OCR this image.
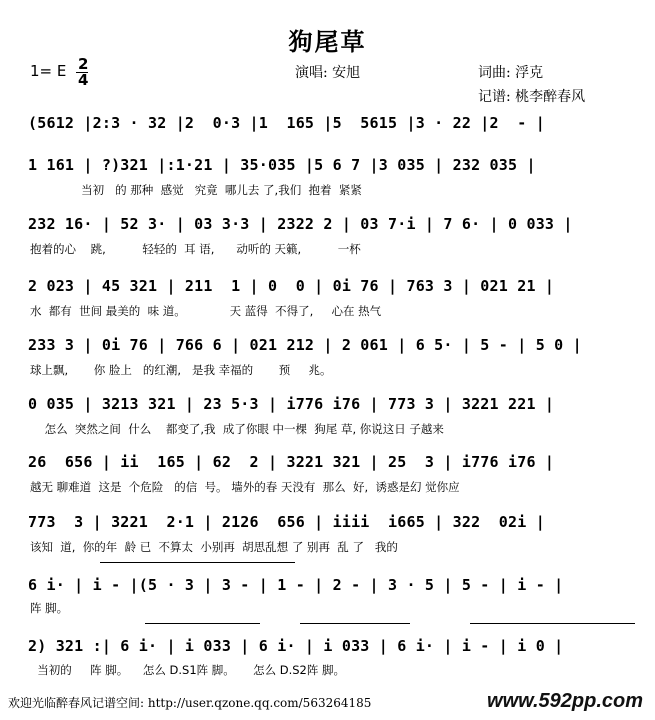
狗尾草
1= E 2
4	演唱: 安旭	词曲: 浮克
记谱: 桃李醉春风
(5612 |2:3 · 32 |2  0·3 |1  165 |5  5615 |3 · 22 |2  - |
1 161 | ?)321 |:1·21 | 35·035 |5 6 7 |3 035 | 232 035 |
当初   的 那种  感觉   究竟  哪儿去 了,我们  抱着  紧紧
232 16· | 52 3· | 03 3·3 | 2322 2 | 03 7·i | 7 6· | 0 033 |
抱着的心    跳,          轻轻的  耳 语,      动听的 天籁,          一杯
2 023 | 45 321 | 211  1 | 0  0 | 0i 76 | 763 3 | 021 21 |
水  都有  世间 最美的  味 道。            天 蓝得  不得了,     心在 热气
233 3 | 0i 76 | 766 6 | 021 212 | 2 061 | 6 5· | 5 - | 5 0 |
球上飘,       你 脸上   的红潮,   是我 幸福的       预     兆。
0 035 | 3213 321 | 23 5·3 | i776 i76 | 773 3 | 3221 221 |
怎么  突然之间  什么    都变了,我  成了你眼 中一棵  狗尾 草, 你说这日 子越来
26  656 | ii  165 | 62  2 | 3221 321 | 25  3 | i776 i76 |
越无 聊难道  这是  个危险   的信  号。 墙外的春 天没有  那么  好,  诱惑是幻 觉你应
773  3 | 3221  2·1 | 2126  656 | iiii  i665 | 322  02i |
该知  道,  你的年  龄 已  不算太  小别再  胡思乱想 了 别再  乱 了   我的
6 i· | i - |(5 · 3 | 3 - | 1 - | 2 - | 3 · 5 | 5 - | i - |
阵 脚。
2) 321 :| 6 i· | i 033 | 6 i· | i 033 | 6 i· | i - | i 0 |
当初的     阵 脚。    怎么 D.S1阵 脚。     怎么 D.S2阵 脚。
欢迎光临醉春风记谱空间: http://user.qzone.qq.com/563264185	www.592pp.com
